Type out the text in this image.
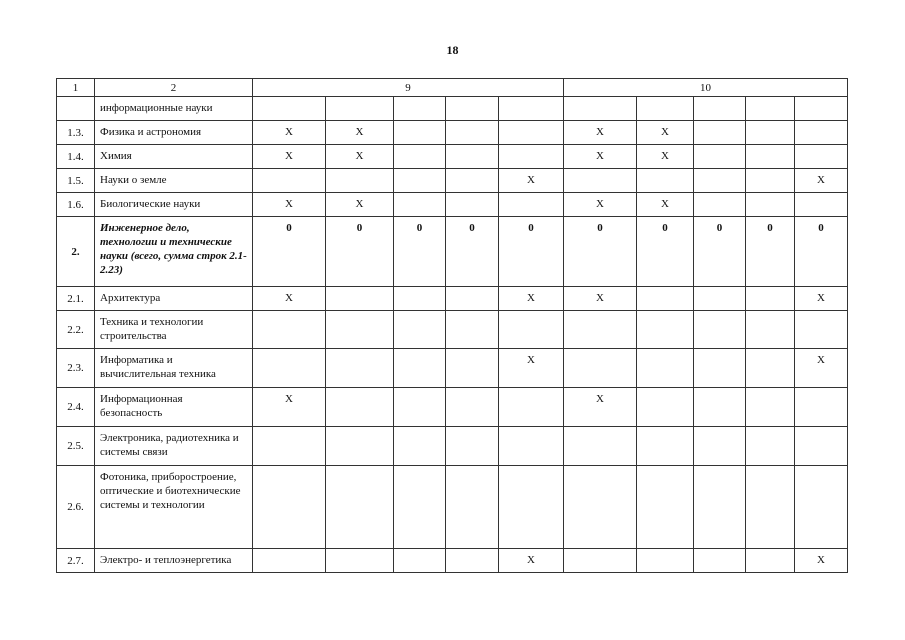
18
1	2	9					10				
	информационные науки										
1.3.	Физика и астрономия	X	X				X	X			
1.4.	Химия	X	X				X	X			
1.5.	Науки о земле					X					X
1.6.	Биологические науки	X	X				X	X			
2.	Инженерное дело, технологии и технические науки (всего, сумма строк 2.1-2.23)	0	0	0	0	0	0	0	0	0	0
2.1.	Архитектура	X				X	X				X
2.2.	Техника и технологии строительства										
2.3.	Информатика и вычислительная техника					X					X
2.4.	Информационная безопасность	X					X				
2.5.	Электроника, радиотехника и системы связи										
2.6.	Фотоника, приборостроение, оптические и биотехнические системы и технологии										
2.7.	Электро- и теплоэнергетика					X					X
